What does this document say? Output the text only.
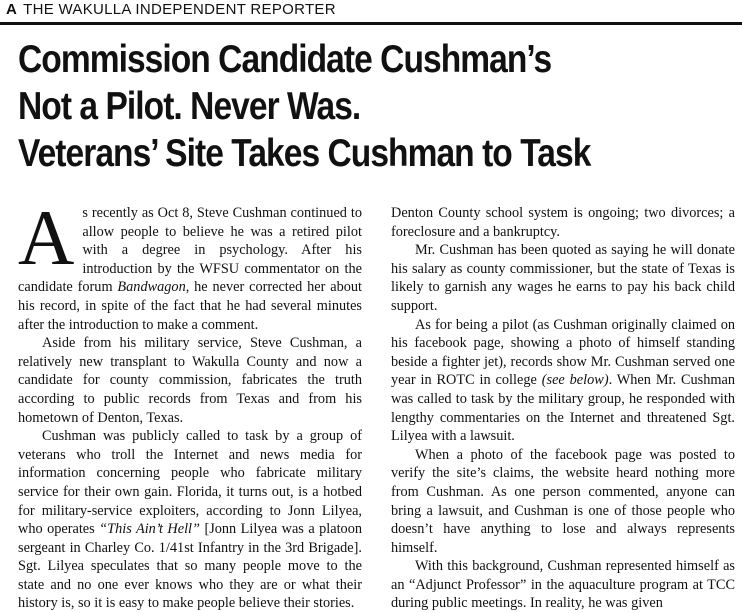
A THE WAKULLA INDEPENDENT REPORTER
Commission Candidate Cushman’s
Not a Pilot. Never Was.
Veterans’ Site Takes Cushman to Task

As recently as Oct 8, Steve Cushman continued to allow people to believe he was a retired pilot with a degree in psychology. After his introduction by the WFSU commentator on the candidate forum Bandwagon, he never corrected her about his record, in spite of the fact that he had several minutes after the introduction to make a comment.

Aside from his military service, Steve Cushman, a relatively new transplant to Wakulla County and now a candidate for county commission, fabricates the truth according to public records from Texas and from his hometown of Denton, Texas.

Cushman was publicly called to task by a group of veterans who troll the Internet and news media for information concerning people who fabricate military service for their own gain. Florida, it turns out, is a hotbed for military-service exploiters, according to Jonn Lilyea, who operates “This Ain’t Hell” [Jonn Lilyea was a platoon sergeant in Charley Co. 1/41st Infantry in the 3rd Brigade]. Sgt. Lilyea speculates that so many people move to the state and no one ever knows who they are or what their history is, so it is easy to make people believe their stories.

Denton County school system is ongoing; two divorces; a foreclosure and a bankruptcy.

Mr. Cushman has been quoted as saying he will donate his salary as county commissioner, but the state of Texas is likely to garnish any wages he earns to pay his back child support.

As for being a pilot (as Cushman originally claimed on his facebook page, showing a photo of himself standing beside a fighter jet), records show Mr. Cushman served one year in ROTC in college (see below). When Mr. Cushman was called to task by the military group, he responded with lengthy commentaries on the Internet and threatened Sgt. Lilyea with a lawsuit.

When a photo of the facebook page was posted to verify the site’s claims, the website heard nothing more from Cushman. As one person commented, anyone can bring a lawsuit, and Cushman is one of those people who doesn’t have anything to lose and always represents himself.

With this background, Cushman represented himself as an “Adjunct Professor” in the aquaculture program at TCC during public meetings. In reality, he was given
